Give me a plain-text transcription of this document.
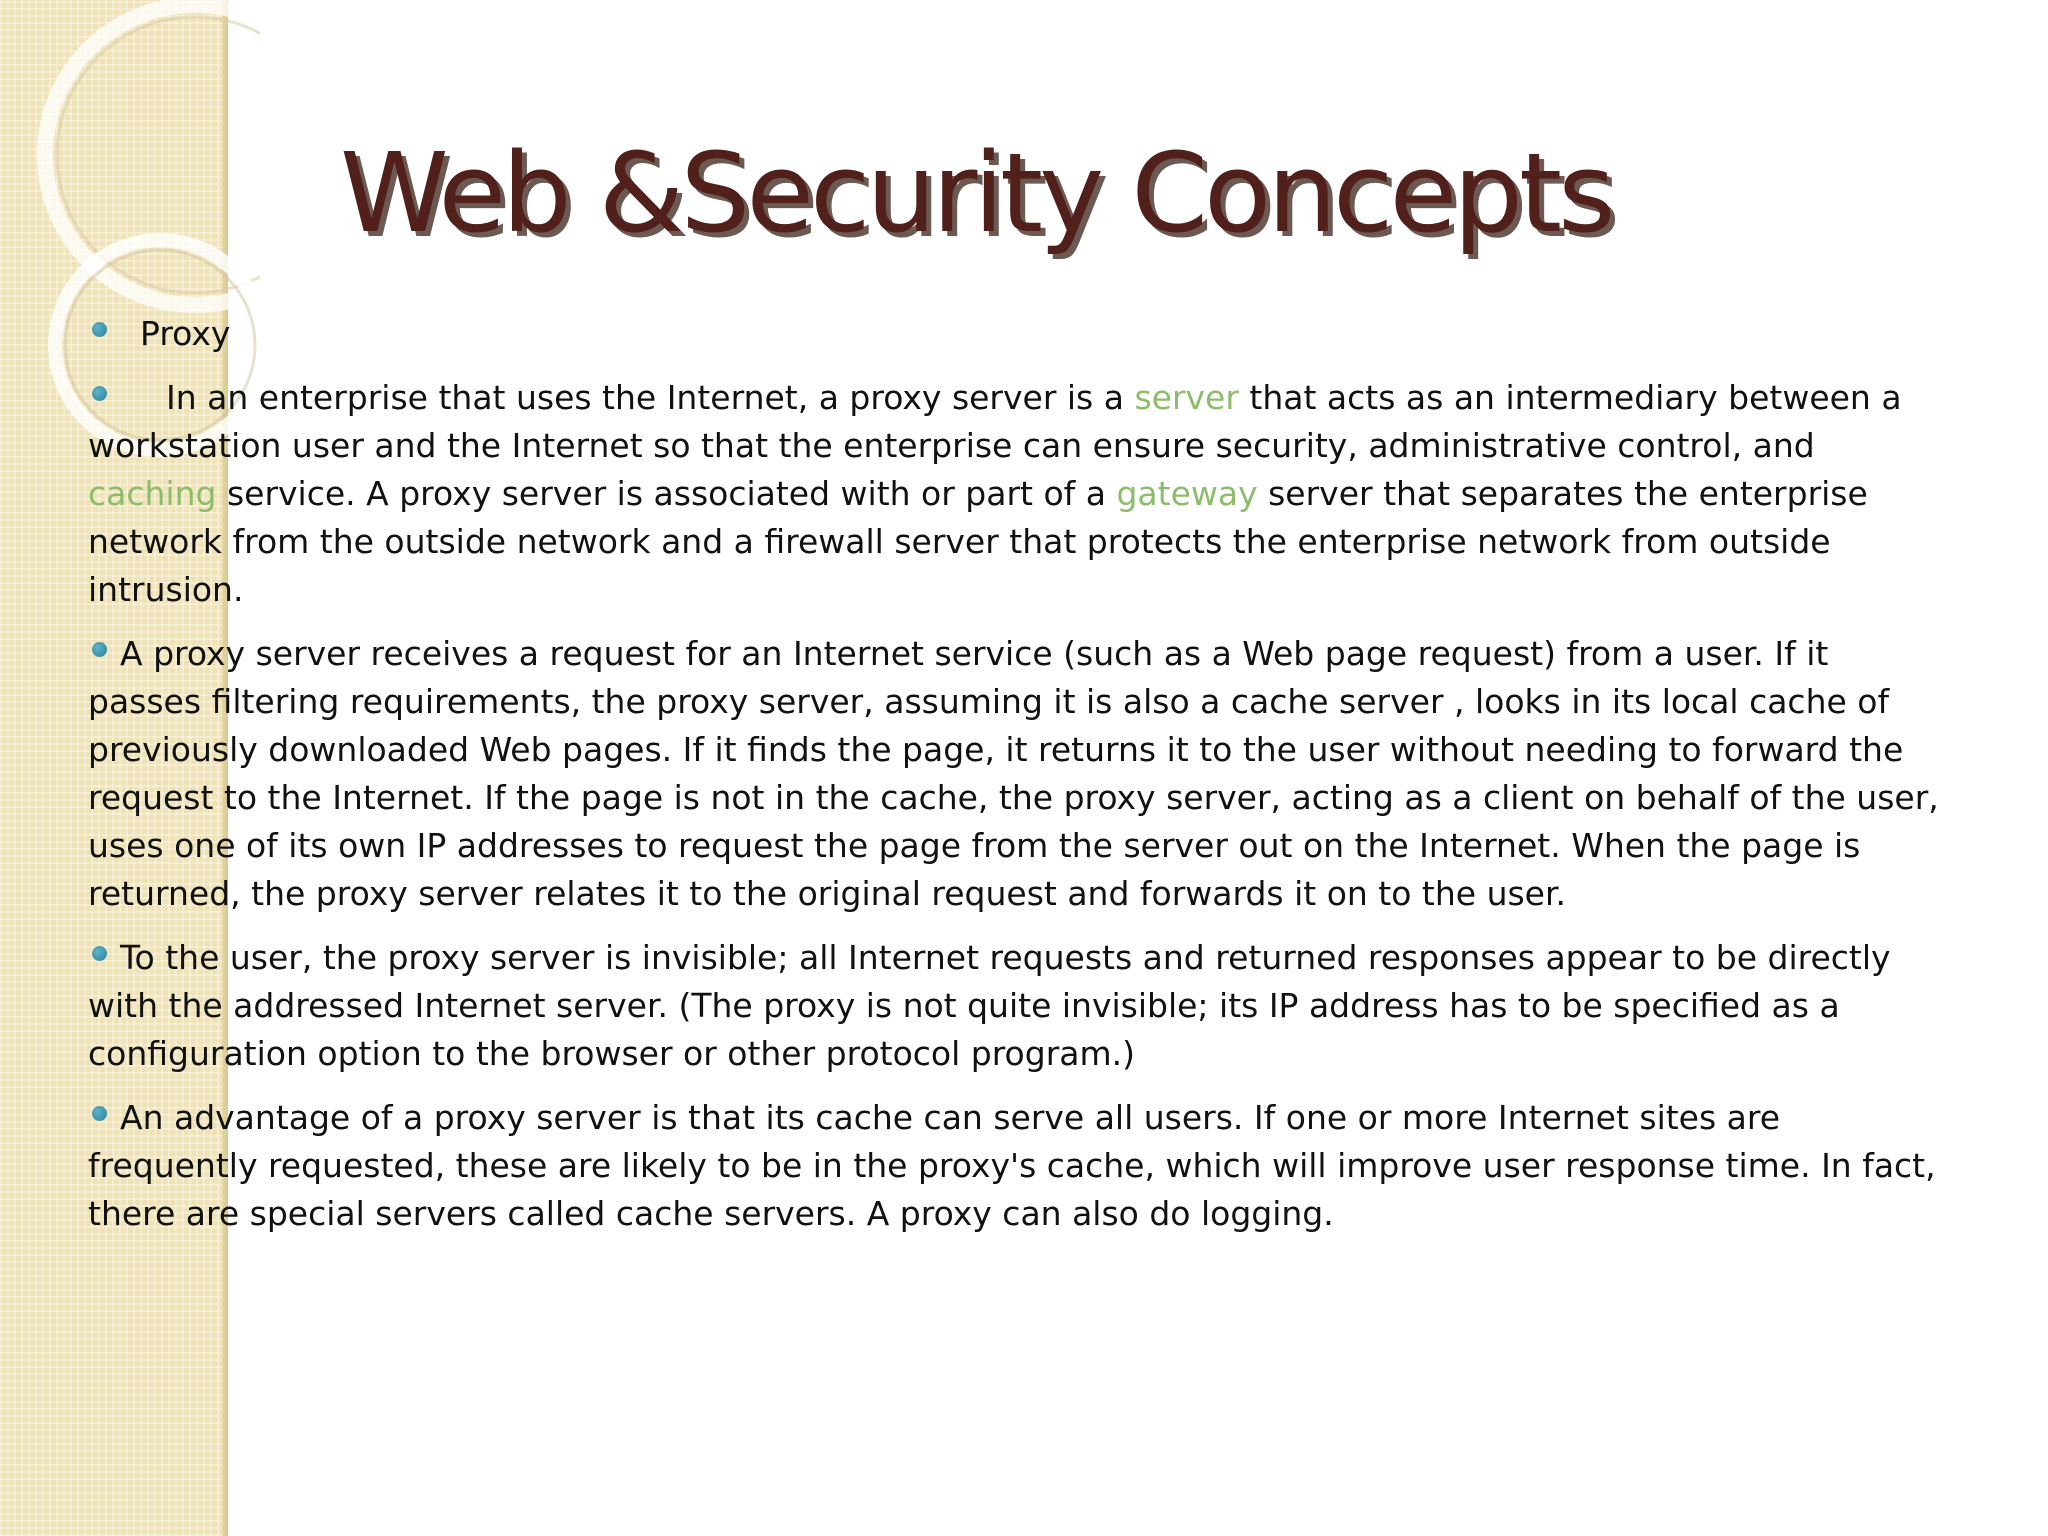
Web &Security Concepts
Proxy
In an enterprise that uses the Internet, a proxy server is a server that acts as an intermediary between a workstation user and the Internet so that the enterprise can ensure security, administrative control, and caching service. A proxy server is associated with or part of a gateway server that separates the enterprise network from the outside network and a firewall server that protects the enterprise network from outside intrusion.
A proxy server receives a request for an Internet service (such as a Web page request) from a user. If it passes filtering requirements, the proxy server, assuming it is also a cache server , looks in its local cache of previously downloaded Web pages. If it finds the page, it returns it to the user without needing to forward the request to the Internet. If the page is not in the cache, the proxy server, acting as a client on behalf of the user, uses one of its own IP addresses to request the page from the server out on the Internet. When the page is returned, the proxy server relates it to the original request and forwards it on to the user.
To the user, the proxy server is invisible; all Internet requests and returned responses appear to be directly with the addressed Internet server. (The proxy is not quite invisible; its IP address has to be specified as a configuration option to the browser or other protocol program.)
An advantage of a proxy server is that its cache can serve all users. If one or more Internet sites are frequently requested, these are likely to be in the proxy's cache, which will improve user response time. In fact, there are special servers called cache servers. A proxy can also do logging.
